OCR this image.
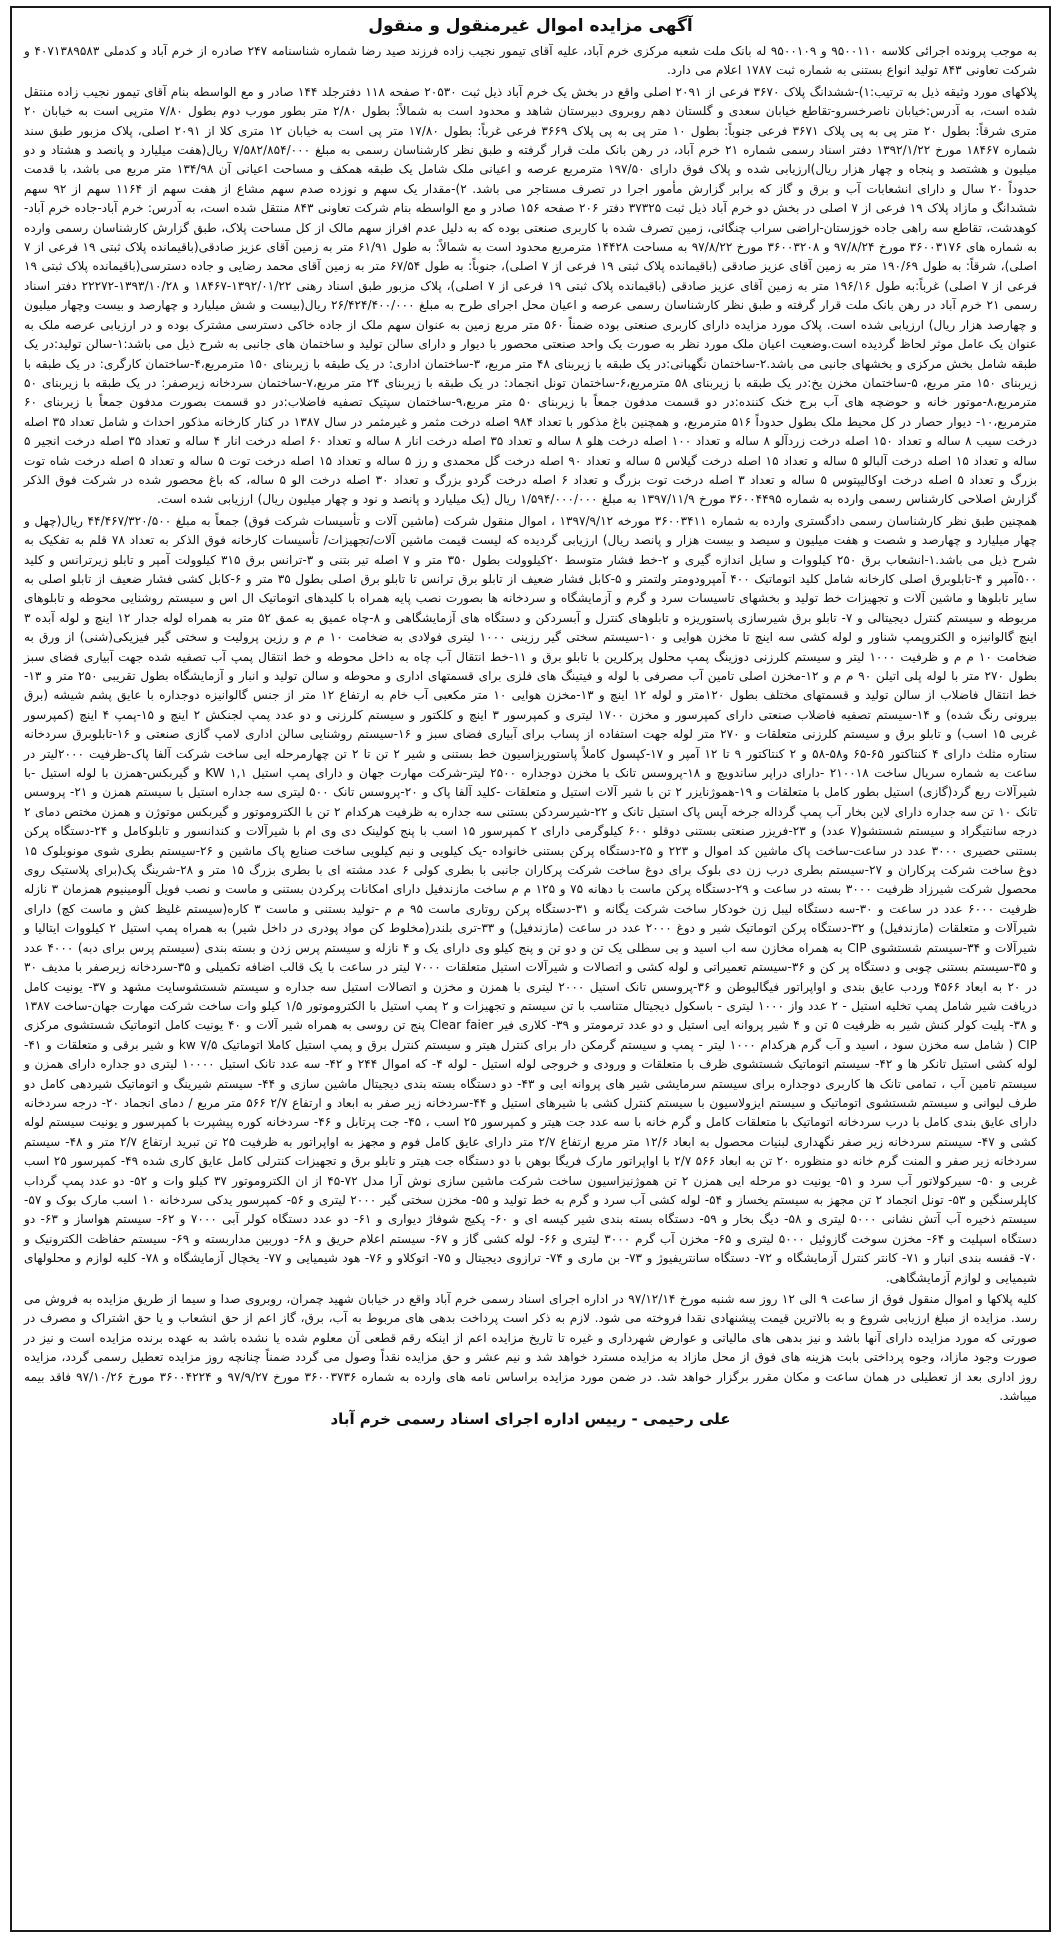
آگهی مزایده اموال غیرمنقول و منقول

به موجب پرونده اجرائی کلاسه ۹۵۰۰۱۱۰ و ۹۵۰۰۱۰۹ له بانک ملت شعبه مرکزی خرم آباد، علیه آقای تیمور نجیب زاده فرزند صید رضا شماره شناسنامه ۲۴۷ صادره از خرم آباد و کدملی ۴۰۷۱۳۸۹۵۸۳ و شرکت تعاونی ۸۴۳ تولید انواع بستنی به شماره ثبت ۱۷۸۷ اعلام می دارد.

پلاکهای مورد وثیقه ذیل به ترتیب:۱)-ششدانگ پلاک ۳۶۷۰ فرعی از ۲۰۹۱ اصلی واقع در بخش یک خرم آباد ذیل ثبت ۲۰۵۳۰ صفحه ۱۱۸ دفترجلد ۱۴۴ صادر و مع الواسطه بنام آقای تیمور نجیب زاده منتقل شده است، به آدرس:خیابان ناصرخسرو-تقاطع خیابان سعدی و گلستان دهم روبروی دبیرستان شاهد و محدود است به شمالاً: بطول ۲/۸۰ متر بطور مورب دوم بطول ۷/۸۰ مترپی است به خیابان ۲۰ متری شرقاً: بطول ۲۰ متر پی به پی پلاک ۳۶۷۱ فرعی جنوباً: بطول ۱۰ متر پی به پی پلاک ۳۶۶۹ فرعی غرباً: بطول ۱۷/۸۰ متر پی است به خیابان ۱۲ متری کلا از ۲۰۹۱ اصلی، پلاک مزبور طبق سند شماره ۱۸۴۶۷ مورخ ۱۳۹۲/۱/۲۲ دفتر اسناد رسمی شماره ۲۱ خرم آباد، در رهن بانک ملت قرار گرفته و طبق نظر کارشناسان رسمی به مبلغ ۷/۵۸۲/۸۵۴/۰۰۰ ریال(هفت میلیارد و پانصد و هشتاد و دو میلیون و هشتصد و پنجاه و چهار هزار ریال)ارزیابی شده و پلاک فوق دارای ۱۹۷/۵۰ مترمربع عرصه و اعیانی ملک شامل یک طبقه همکف و مساحت اعیانی آن ۱۳۴/۹۸ متر مربع می باشد، با قدمت حدوداً ۲۰ سال و دارای انشعابات آب و برق و گاز که برابر گزارش مأمور اجرا در تصرف مستاجر می باشد. ۲)-مقدار یک سهم و نوزده صدم سهم مشاع از هفت سهم از ۱۱۶۴ سهم از ۹۲ سهم ششدانگ و مازاد پلاک ۱۹ فرعی از ۷ اصلی در بخش دو خرم آباد ذیل ثبت ۳۷۳۲۵ دفتر ۲۰۶ صفحه ۱۵۶ صادر و مع الواسطه بنام شرکت تعاونی ۸۴۳ منتقل شده است، به آدرس: خرم آباد-جاده خرم آباد-کوهدشت، تقاطع سه راهی جاده خوزستان-اراضی سراب چنگائی، زمین تصرف شده با کاربری صنعتی بوده که به دلیل عدم افراز سهم مالک از کل مساحت پلاک، طبق گزارش کارشناسان رسمی وارده به شماره های ۳۶۰۰۳۱۷۶ مورخ ۹۷/۸/۲۴ و ۳۶۰۰۳۲۰۸ مورخ ۹۷/۸/۲۲ به مساحت ۱۴۴۲۸ مترمربع محدود است به شمالاً: به طول ۶۱/۹۱ متر به زمین آقای عزیز صادقی(باقیمانده پلاک ثبتی ۱۹ فرعی از ۷ اصلی)، شرقاً: به طول ۱۹۰/۶۹ متر به زمین آقای عزیز صادقی (باقیمانده پلاک ثبتی ۱۹ فرعی از ۷ اصلی)، جنوباً: به طول ۶۷/۵۴ متر به زمین آقای محمد رضایی و جاده دسترسی(باقیمانده پلاک ثبتی ۱۹ فرعی از ۷ اصلی) غرباً:به طول ۱۹۶/۱۶ متر به زمین آقای عزیز صادقی (باقیمانده پلاک ثبتی ۱۹ فرعی از ۷ اصلی)، پلاک مزبور طبق اسناد رهنی ۱۳۹۲/۰۱/۲۲-۱۸۴۶۷ و ۱۳۹۳/۱۰/۲۸-۲۲۲۷۲ دفتر اسناد رسمی ۲۱ خرم آباد در رهن بانک ملت قرار گرفته و طبق نظر کارشناسان رسمی عرصه و اعیان محل اجرای طرح به مبلغ ۲۶/۴۲۴/۴۰۰/۰۰۰ ریال(بیست و شش میلیارد و چهارصد و بیست وچهار میلیون و چهارصد هزار ریال) ارزیابی شده است. پلاک مورد مزایده دارای کاربری صنعتی بوده ضمناً ۵۶۰ متر مربع زمین به عنوان سهم ملک از جاده خاکی دسترسی مشترک بوده و در ارزیابی عرصه ملک به عنوان یک عامل موثر لحاظ گردیده است.وضعیت اعیان ملک مورد نظر به صورت یک واحد صنعتی محصور با دیوار و دارای سالن تولید و ساختمان های جانبی به شرح ذیل می باشد:۱-سالن تولید:در یک طبقه شامل بخش مرکزی و بخشهای جانبی می باشد.۲-ساختمان نگهبانی:در یک طبقه با زیربنای ۴۸ متر مربع، ۳-ساختمان اداری: در یک طبقه با زیربنای ۱۵۰ مترمربع،۴-ساختمان کارگری: در یک طبقه با زیربنای ۱۵۰ متر مربع، ۵-ساختمان مخزن یخ:در یک طبقه با زیربنای ۵۸ مترمربع،۶-ساختمان تونل انجماد: در یک طبقه با زیربنای ۲۴ متر مربع،۷-ساختمان سردخانه زیرصفر: در یک طبقه با زیربنای ۵۰ مترمربع،۸-موتور خانه و حوضچه های آب برج خنک کننده:در دو قسمت مدفون جمعاً با زیربنای ۵۰ متر مربع،۹-ساختمان سپتیک تصفیه فاضلاب:در دو قسمت بصورت مدفون جمعاً با زیربنای ۶۰ مترمربع،۱۰- دیوار حصار در کل محیط ملک بطول حدوداً ۵۱۶ مترمربع، و همچنین باغ مذکور با تعداد ۹۸۴ اصله درخت مثمر و غیرمثمر در سال ۱۳۸۷ در کنار کارخانه مذکور احداث و شامل تعداد ۳۵ اصله درخت سیب ۸ ساله و تعداد ۱۵۰ اصله درخت زردآلو ۸ ساله و تعداد ۱۰۰ اصله درخت هلو ۸ ساله و تعداد ۳۵ اصله درخت انار ۸ ساله و تعداد ۶۰ اصله درخت انار ۴ ساله و تعداد ۳۵ اصله درخت انجیر ۵ ساله و تعداد ۱۵ اصله درخت آلبالو ۵ ساله و تعداد ۱۵ اصله درخت گیلاس ۵ ساله و تعداد ۹۰ اصله درخت گل محمدی و رز ۵ ساله و تعداد ۱۵ اصله درخت توت ۵ ساله و تعداد ۵ اصله درخت شاه توت بزرگ و تعداد ۵ اصله درخت اوکالیپتوس ۵ ساله و تعداد ۳ اصله درخت توت بزرگ و تعداد ۶ اصله درخت گردو بزرگ و تعداد ۳۰ اصله درخت الو ۵ ساله، که باغ محصور شده در شرکت فوق الذکر گزارش اصلاحی کارشناس رسمی وارده به شماره ۳۶۰۰۴۴۹۵ مورخ ۱۳۹۷/۱۱/۹ به مبلغ ۱/۵۹۴/۰۰۰/۰۰۰ ریال (یک میلیارد و پانصد و نود و چهار میلیون ریال) ارزیابی شده است.

همچنین طبق نظر کارشناسان رسمی دادگستری وارده به شماره ۳۶۰۰۳۴۱۱ مورخه ۱۳۹۷/۹/۱۲ ، اموال منقول شرکت (ماشین آلات و تأسیسات شرکت فوق) جمعاً به مبلغ ۴۴/۴۶۷/۳۲۰/۵۰۰ ریال(چهل و چهار میلیارد و چهارصد و شصت و هفت میلیون و سیصد و بیست هزار و پانصد ریال) ارزیابی گردیده که لیست قیمت ماشین آلات/تجهیزات/ تأسیسات کارخانه فوق الذکر به تعداد ۷۸ قلم به تفکیک به شرح ذیل می باشد.۱-انشعاب برق ۲۵۰ کیلووات و سایل اندازه گیری و ۲-خط فشار متوسط ۲۰کیلوولت بطول ۳۵۰ متر و ۷ اصله تیر بتنی و ۳-ترانس برق ۳۱۵ کیلوولت آمپر و تابلو زیرترانس و کلید ۵۰۰آمپر و ۴-تابلوبرق اصلی کارخانه شامل کلید اتوماتیک ۴۰۰ آمپرودومتر ولتمتر و ۵-کابل فشار ضعیف از تابلو برق ترانس تا تابلو برق اصلی بطول ۳۵ متر و ۶-کابل کشی فشار ضعیف از تابلو اصلی به سایر تابلوها و ماشین آلات و تجهیزات خط تولید و بخشهای تاسیسات سرد و گرم و آزمایشگاه و سردخانه ها بصورت نصب پایه همراه با کلیدهای اتوماتیک ال اس و سیستم روشنایی محوطه و تابلوهای مربوطه و سیستم کنترل دیجیتالی و ۷- تابلو برق شیرسازی پاستوریزه و تابلوهای کنترل و آبسردکن و دستگاه های آزمایشگاهی و ۸-چاه عمیق به عمق ۵۲ متر به همراه لوله جدار ۱۲ اینچ و لوله آبده ۳ اینچ گالوانیزه و الکتروپمپ شناور و لوله کشی سه اینچ تا مخزن هوایی و ۱۰-سیستم سختی گیر رزینی ۱۰۰۰ لیتری فولادی به ضخامت ۱۰ م م و رزین پرولیت و سختی گیر فیزیکی(شنی) از ورق به ضخامت ۱۰ م م و ظرفیت ۱۰۰۰ لیتر و سیستم کلرزنی دوزینگ پمپ محلول پرکلرین با تابلو برق و ۱۱-خط انتقال آب چاه به داخل محوطه و خط انتقال پمپ آب تصفیه شده جهت آبیاری فضای سبز بطول ۲۷۰ متر با لوله پلی اتیلن ۹۰ م م و ۱۲-مخزن اصلی تامین آب مصرفی با لوله و فیتینگ های فلزی برای قسمتهای اداری و محوطه و سالن تولید و انبار و آزمایشگاه بطول تقریبی ۲۵۰ متر و ۱۳-خط انتقال فاضلاب از سالن تولید و قسمتهای مختلف بطول ۱۲۰متر و لوله ۱۲ اینچ و ۱۳-مخزن هوایی ۱۰ متر مکعبی آب خام به ارتفاع ۱۲ متر از جنس گالوانیزه دوجداره با عایق پشم شیشه (برق بیرونی رنگ شده) و ۱۴-سیستم تصفیه فاضلاب صنعتی دارای کمپرسور و مخزن ۱۷۰۰ لیتری و کمپرسور ۳ اینچ و کلکتور و سیستم کلرزنی و دو عدد پمپ لجنکش ۲ اینچ و ۱۵-پمپ ۴ اینچ (کمپرسور غربی ۱۵ اسب) و تابلو برق و سیستم کلرزنی متعلقات و ۲۷۰ متر لوله جهت استفاده از پساب برای آبیاری فضای سبز و ۱۶-سیستم روشنایی سالن اداری لامپ گازی صنعتی و ۱۶-تابلوبرق سردخانه ستاره مثلث دارای ۴ کنتاکتور ۶۵-۶۵ و۵۸-۵۸ و ۲ کنتاکتور ۹ تا ۱۲ آمپر و ۱۷-کپسول کاملاً پاستوریزاسیون خط بستنی و شیر ۲ تن تا ۲ تن چهارمرحله ایی ساخت شرکت آلفا پاک-ظرفیت ۲۰۰۰لیتر در ساعت به شماره سریال ساخت ۲۱۰۰۱۸ -دارای دراپر ساندویچ و ۱۸-پروسس تانک با مخزن دوجداره ۲۵۰۰ لیتر-شرکت مهارت جهان و دارای پمپ استیل KW ۱,۱ و گیربکس-همزن با لوله استیل -با شیرآلات ربع گرد(گازی) استیل بطور کامل با متعلقات و ۱۹-هموژنایزر ۲ تن با شیر آلات استیل و متعلقات -کلید آلفا پاک و ۲۰-پروسس تانک ۵۰۰ لیتری سه جداره استیل با سیستم همزن و ۲۱- پروسس تانک ۱۰ تن سه جداره دارای لاین بخار آب پمپ گرداله جرخه آپس پاک استیل تانک و ۲۲-شیرسردکن بستنی سه جداره به ظرفیت هرکدام ۲ تن با الکتروموتور و گیربکس موتوژن و همزن مختص دمای ۲ درجه سانتیگراد و سیستم شستشو(۷ عدد) و ۲۳-فریزر صنعتی بستنی دوقلو ۶۰۰ کیلوگرمی دارای ۲ کمپرسور ۱۵ اسب با پنج کولینک دی وی ام با شیرآلات و کندانسور و تابلوکامل و ۲۴-دستگاه پرکن بستنی حصیری ۳۰۰۰ عدد در ساعت-ساخت پاک ماشین کد اموال و ۲۲۳ و ۲۵-دستگاه پرکن بستنی خانواده -یک کیلویی و نیم کیلویی ساخت صنایع پاک ماشین و ۲۶-سیستم بطری شوی مونوبلوک ۱۵ دوغ ساخت شرکت پرکاران و ۲۷-سیستم بطری درب زن دی بلوک برای دوغ ساخت شرکت پرکاران جانبی با بطری کولی ۶ عدد مشته ای با بطری بزرگ ۱۵ متر و ۲۸-شرینگ پک(برای پلاستیک روی محصول شرکت شیرزاد ظرفیت ۳۰۰۰ بسته در ساعت و ۲۹-دستگاه پرکن ماست با دهانه ۷۵ و ۱۲۵ م م ساخت مازندفیل دارای امکانات پرکردن بستنی و ماست و نصب فویل آلومینیوم همزمان ۳ نازله ظرفیت ۶۰۰۰ عدد در ساعت و ۳۰-سه دستگاه لیبل زن خودکار ساخت شرکت یگانه و ۳۱-دستگاه پرکن روتاری ماست ۹۵ م م -تولید بستنی و ماست ۳ کاره(سیستم غلیظ کش و ماست کچ) دارای شیرآلات و متعلقات (مازندفیل) و ۳۲-دستگاه پرکن اتوماتیک شیر و دوغ ۲۰۰۰ عدد در ساعت (مازندفیل) و ۳۳-تری بلندر(مخلوط کن مواد پودری در داخل شیر) به همراه پمپ استیل ۲ کیلووات ایتالیا و شیرآلات و ۳۴-سیستم شستشوی CIP به همراه مخازن سه اب اسید و بی سطلی یک تن و دو تن و پنج کیلو وی دارای یک و ۴ نازله و سیستم پرس زدن و بسته بندی (سیستم پرس برای دبه) ۴۰۰۰ عدد و ۳۵-سیستم بستنی چوبی و دستگاه پر کن و ۳۶-سیستم تعمیراتی و لوله کشی و اتصالات و شیرآلات استیل متعلقات ۷۰۰۰ لیتر در ساعت با یک قالب اضافه تکمیلی و ۳۵-سردخانه زیرصفر با مدیف ۳۰ در ۲۰ به ابعاد ۴۵۶۶ وردب عایق بندی و اواپراتور فیگالیوطن و ۳۶-پروسس تانک استیل ۲۰۰۰ لیتری با همزن و مخزن و اتصالات استیل سه جداره و سیستم شستشوسایت مشهد و ۳۷- یونیت کامل دریافت شیر شامل پمپ تخلیه استیل - ۲ عدد واز ۱۰۰۰ لیتری - باسکول دیجیتال متناسب با تن سیستم و تجهیزات و ۲ پمپ استیل با الکتروموتور ۱/۵ کیلو وات ساخت شرکت مهارت جهان-ساخت ۱۳۸۷ و ۳۸- پلیت کولر کنش شیر به ظرفیت ۵ تن و ۴ شیر پروانه ایی استیل و دو عدد ترمومتر و ۳۹- کلاری فیر Clear faier پنج تن روسی به همراه شیر آلات و ۴۰ یونیت کامل اتوماتیک شستشوی مرکزی CIP ( شامل سه مخزن سود ، اسید و آب گرم هرکدام ۱۰۰۰ لیتر - پمپ و سیستم گرمکن دار برای کنترل هیتر و سیستم کنترل برق و پمپ استیل کاملا اتوماتیک kw ۷/۵ و شیر برقی و متعلقات و ۴۱- لوله کشی استیل تانکر ها و ۴۲- سیستم اتوماتیک شستشوی ظرف با متعلقات و ورودی و خروجی لوله استیل - لوله ۴- که اموال ۲۴۴ و ۴۲- سه عدد تانک استیل ۱۰۰۰۰ لیتری دو جداره دارای همزن و سیستم تامین آب ، تمامی تانک ها کاربری دوجداره برای سیستم سرمایشی شیر های پروانه ایی و ۴۳- دو دستگاه بسته بندی دیجیتال ماشین سازی و ۴۴- سیستم شیرینگ و اتوماتیک شیردهی کامل دو طرف لیوانی و سیستم شستشوی اتوماتیک و سیستم ایزولاسیون با سیستم کنترل کشی با شیرهای استیل و ۴۴-سردخانه زیر صفر به ابعاد و ارتفاع ۲/۷ ۵۶۶ متر مربع / دمای انجماد ۲۰- درجه سردخانه دارای عایق بندی کامل با درب سردخانه اتوماتیک با متعلقات کامل و گرم خانه با سه عدد جت هیتر و کمپرسور ۲۵ اسب ، ۴۵- جت پرتابل و ۴۶- سردخانه کوره پیشپرت با کمپرسور و یونیت سیستم لوله کشی و ۴۷- سیستم سردخانه زیر صفر نگهداری لبنیات محصول به ابعاد ۱۲/۶ متر مربع ارتفاع ۲/۷ متر دارای عایق کامل فوم و مجهز به اواپراتور به ظرفیت ۲۵ تن تبرید ارتفاع ۲/۷ متر و ۴۸- سیستم سردخانه زیر صفر و المنت گرم خانه دو منظوره ۲۰ تن به ابعاد ۵۶۶ ۲/۷ با اواپراتور مارک فریگا بوهن با دو دستگاه جت هیتر و تابلو برق و تجهیزات کنترلی کامل عایق کاری شده ۴۹- کمپرسور ۲۵ اسب غربی و ۵۰- سیرکولاتور آب سرد و ۵۱- یونیت دو مرحله ایی همزن ۲ تن هموژنیزاسیون ساخت شرکت ماشین سازی نوش آرا مدل ۷۲-۴۵ از ان الکتروموتور ۳۷ کیلو وات و ۵۲- دو عدد پمپ گرداب کاپلرسنگین و ۵۳- تونل انجماد ۲ تن مجهز به سیستم یخساز و ۵۴- لوله کشی آب سرد و گرم به خط تولید و ۵۵- مخزن سختی گیر ۲۰۰۰ لیتری و ۵۶- کمپرسور یدکی سردخانه ۱۰ اسب مارک بوک و ۵۷- سیستم ذخیره آب آتش نشانی ۵۰۰۰ لیتری و ۵۸- دیگ بخار و ۵۹- دستگاه بسته بندی شیر کیسه ای و ۶۰- پکیج شوفاژ دیواری و ۶۱- دو عدد دستگاه کولر آبی ۷۰۰۰ و ۶۲- سیستم هواساز و ۶۳- دو دستگاه اسپلیت و ۶۴- مخزن سوخت گازوئیل ۵۰۰۰ لیتری و ۶۵- مخزن آب گرم ۳۰۰۰ لیتری و ۶۶- لوله کشی گاز و ۶۷- سیستم اعلام حریق و ۶۸- دوربین مداربسته و ۶۹- سیستم حفاظت الکترونیک و ۷۰- قفسه بندی انبار و ۷۱- کانتر کنترل آزمایشگاه و ۷۲- دستگاه سانتریفیوژ و ۷۳- بن ماری و ۷۴- ترازوی دیجیتال و ۷۵- اتوکلاو و ۷۶- هود شیمیایی و ۷۷- یخچال آزمایشگاه و ۷۸- کلیه لوازم و محلولهای شیمیایی و لوازم آزمایشگاهی.

کلیه پلاکها و اموال منقول فوق از ساعت ۹ الی ۱۲ روز سه شنبه مورخ ۹۷/۱۲/۱۴ در اداره اجرای اسناد رسمی خرم آباد واقع در خیابان شهید چمران، روبروی صدا و سیما از طریق مزایده به فروش می رسد. مزایده از مبلغ ارزیابی شروع و به بالاترین قیمت پیشنهادی نقدا فروخته می شود. لازم به ذکر است پرداخت بدهی های مربوط به آب، برق، گاز اعم از حق انشعاب و یا حق اشتراک و مصرف در صورتی که مورد مزایده دارای آنها باشد و نیز بدهی های مالیاتی و عوارض شهرداری و غیره تا تاریخ مزایده اعم از اینکه رقم قطعی آن معلوم شده یا نشده باشد به عهده برنده مزایده است و نیز در صورت وجود مازاد، وجوه پرداختی بابت هزینه های فوق از محل مازاد به مزایده مسترد خواهد شد و نیم عشر و حق مزایده نقداً وصول می گردد ضمناً چنانچه روز مزایده تعطیل رسمی گردد، مزایده روز اداری بعد از تعطیلی در همان ساعت و مکان مقرر برگزار خواهد شد. در ضمن مورد مزایده براساس نامه های وارده به شماره ۳۶۰۰۳۷۳۶ مورخ ۹۷/۹/۲۷ و ۳۶۰۰۴۲۲۴ مورخ ۹۷/۱۰/۲۶ فاقد بیمه میباشد.

علی رحیمی - رییس اداره اجرای اسناد رسمی خرم آباد
